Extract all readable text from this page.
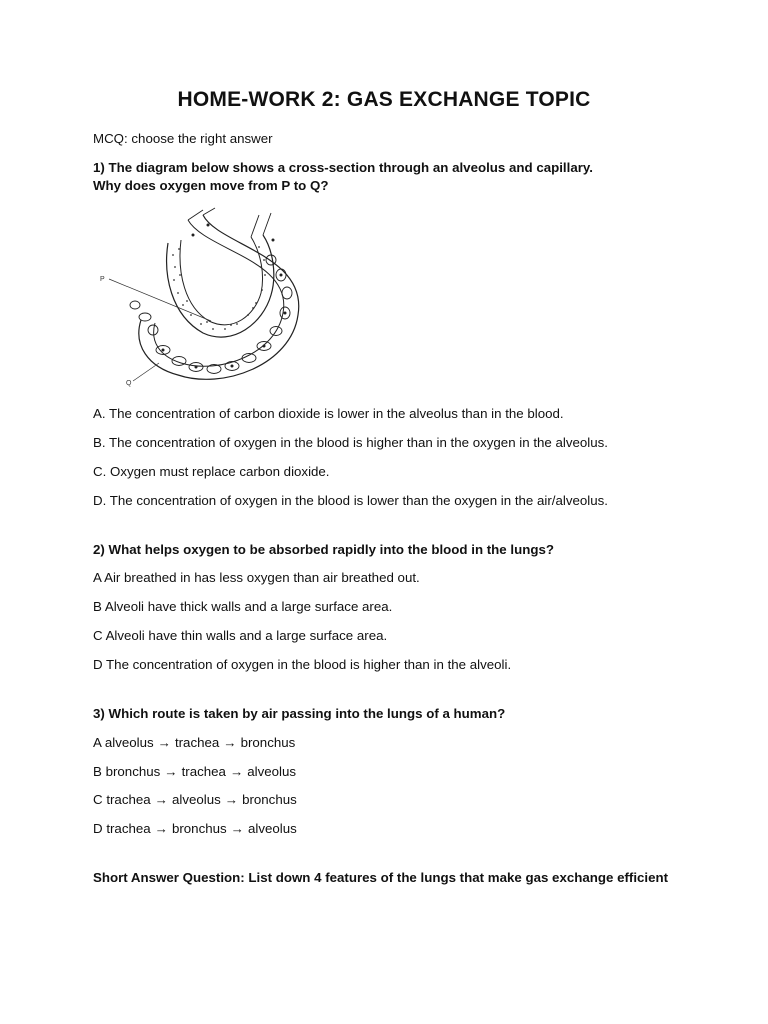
HOME-WORK 2: GAS EXCHANGE TOPIC
MCQ: choose the right answer
1) The diagram below shows a cross-section through an alveolus and capillary.
Why does oxygen move from P to Q?
P
Q
A. The concentration of carbon dioxide is lower in the alveolus than in the blood.
B. The concentration of oxygen in the blood is higher than in the oxygen in the alveolus.
C. Oxygen must replace carbon dioxide.
D. The concentration of oxygen in the blood is lower than the oxygen in the air/alveolus.
2) What helps oxygen to be absorbed rapidly into the blood in the lungs?
A Air breathed in has less oxygen than air breathed out.
B Alveoli have thick walls and a large surface area.
C Alveoli have thin walls and a large surface area.
D The concentration of oxygen in the blood is higher than in the alveoli.
3) Which route is taken by air passing into the lungs of a human?
A alveolus → trachea → bronchus
B bronchus → trachea → alveolus
C trachea → alveolus → bronchus
D trachea → bronchus → alveolus
Short Answer Question: List down 4 features of the lungs that make gas exchange efficient
